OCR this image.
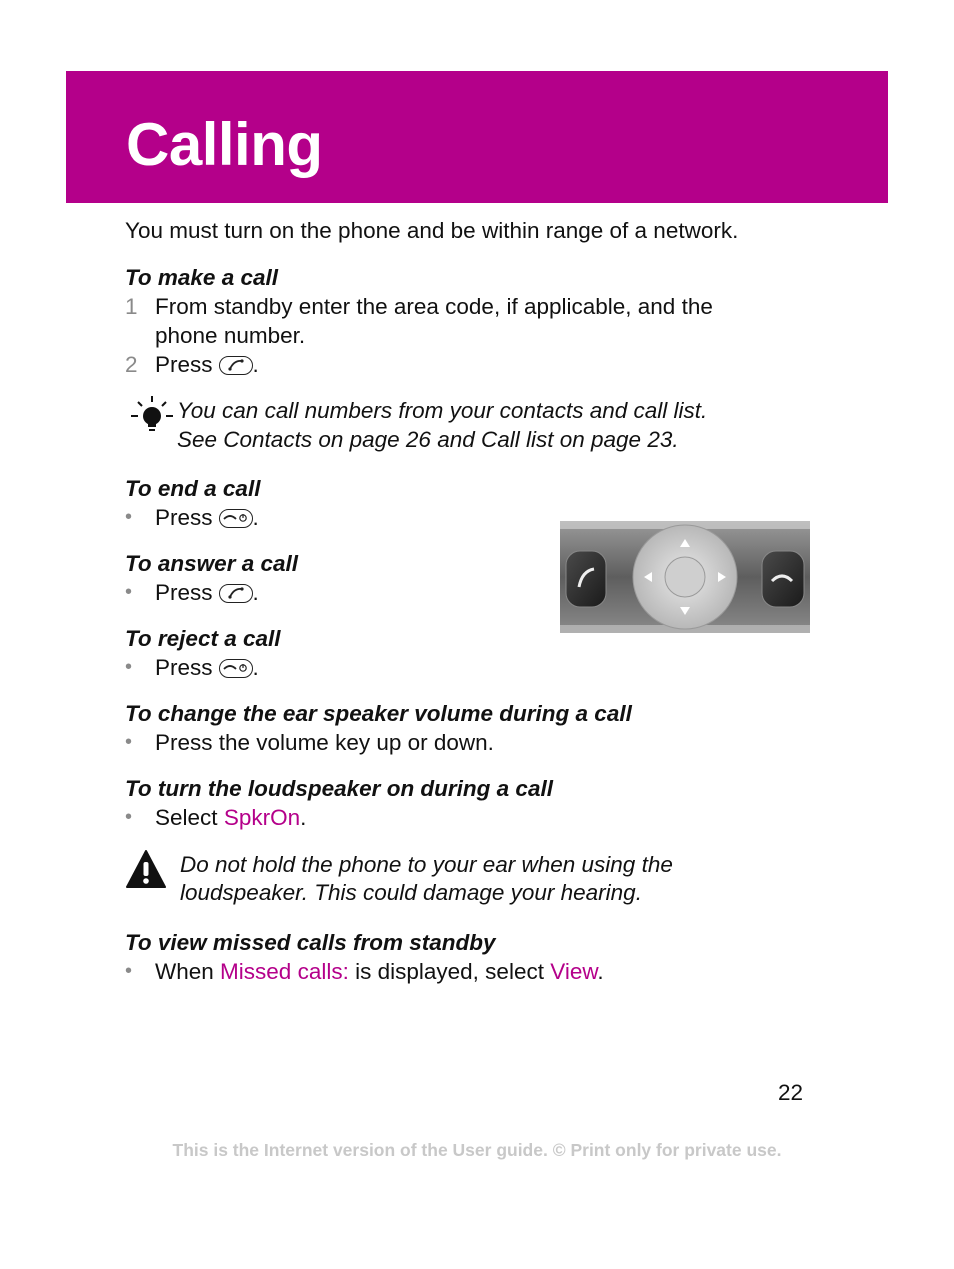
Calling
You must turn on the phone and be within range of a network.
To make a call
1 From standby enter the area code, if applicable, and the
phone number.
2 Press .
You can call numbers from your contacts and call list.
See Contacts on page 26 and Call list on page 23.
To end a call
• Press .
To answer a call
• Press .
To reject a call
• Press .
To change the ear speaker volume during a call
• Press the volume key up or down.
To turn the loudspeaker on during a call
• Select SpkrOn.
Do not hold the phone to your ear when using the
loudspeaker. This could damage your hearing.
To view missed calls from standby
• When Missed calls: is displayed, select View.
22
This is the Internet version of the User guide. © Print only for private use.
